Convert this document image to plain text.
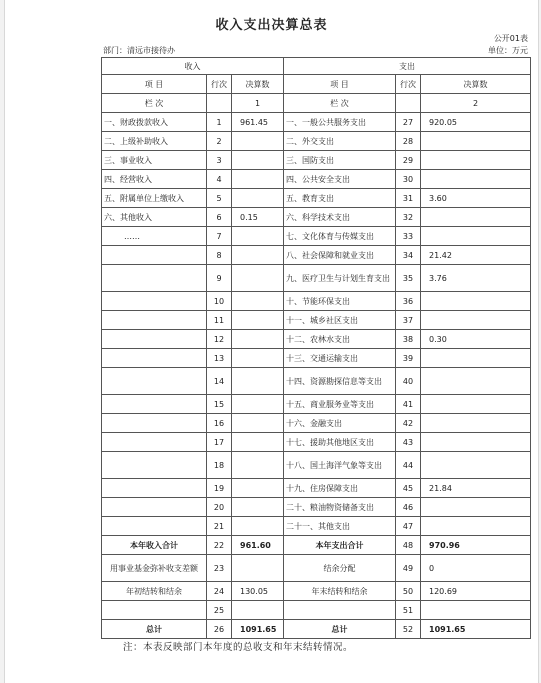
收入支出决算总表
公开01表
部门：清远市接待办	单位：万元
收入			支出		
项 目	行次	决算数	项 目	行次	决算数
栏 次		1	栏 次		2
一、财政拨款收入	1	961.45	一、一般公共服务支出	27	920.05
二、上级补助收入	2		二、外交支出	28	
三、事业收入	3		三、国防支出	29	
四、经营收入	4		四、公共安全支出	30	
五、附属单位上缴收入	5		五、教育支出	31	3.60
六、其他收入	6	0.15	六、科学技术支出	32	
……	7		七、文化体育与传媒支出	33	
	8		八、社会保障和就业支出	34	21.42
	9		九、医疗卫生与计划生育支出	35	3.76
	10		十、节能环保支出	36	
	11		十一、城乡社区支出	37	
	12		十二、农林水支出	38	0.30
	13		十三、交通运输支出	39	
	14		十四、资源勘探信息等支出	40	
	15		十五、商业服务业等支出	41	
	16		十六、金融支出	42	
	17		十七、援助其他地区支出	43	
	18		十八、国土海洋气象等支出	44	
	19		十九、住房保障支出	45	21.84
	20		二十、粮油物资储备支出	46	
	21		二十一、其他支出	47	
本年收入合计	22	961.60	本年支出合计	48	970.96
用事业基金弥补收支差额	23		结余分配	49	0
年初结转和结余	24	130.05	年末结转和结余	50	120.69
	25			51	
总计	26	1091.65	总计	52	1091.65
注：本表反映部门本年度的总收支和年末结转情况。
